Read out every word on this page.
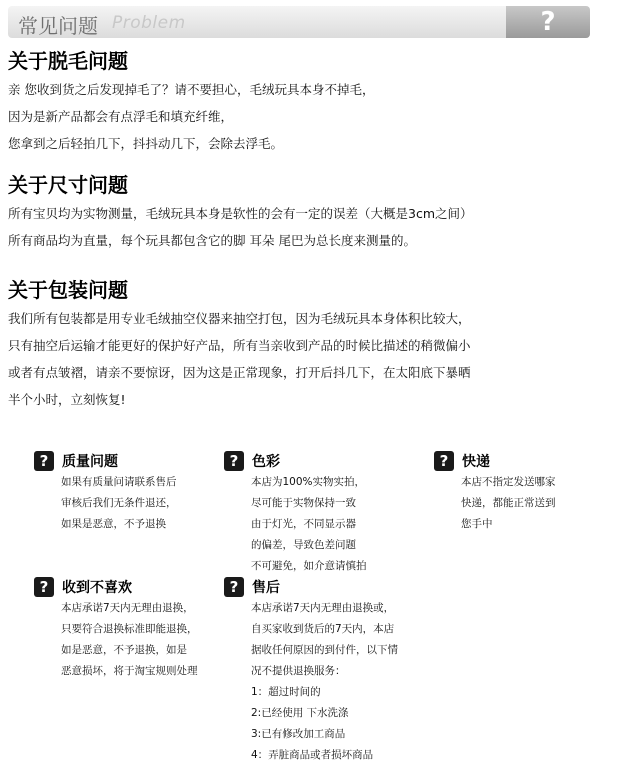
常见问题 Problem	?
关于脱毛问题
亲 您收到货之后发现掉毛了？请不要担心，毛绒玩具本身不掉毛，
因为是新产品都会有点浮毛和填充纤维，
您拿到之后轻拍几下，抖抖动几下，会除去浮毛。
关于尺寸问题
所有宝贝均为实物测量，毛绒玩具本身是软性的会有一定的误差（大概是3cm之间）
所有商品均为直量，每个玩具都包含它的脚 耳朵 尾巴为总长度来测量的。
关于包装问题
我们所有包装都是用专业毛绒抽空仪器来抽空打包，因为毛绒玩具本身体积比较大，
只有抽空后运输才能更好的保护好产品，所有当亲收到产品的时候比描述的稍微偏小
或者有点皱褶，请亲不要惊讶，因为这是正常现象，打开后抖几下，在太阳底下暴晒
半个小时，立刻恢复!
? 质量问题
如果有质量问请联系售后
审核后我们无条件退还，
如果是恶意，不予退换
? 色彩
本店为100%实物实拍，
尽可能于实物保持一致
由于灯光，不同显示器
的偏差，导致色差问题
不可避免，如介意请慎拍
? 快递
本店不指定发送哪家
快递，都能正常送到
您手中
? 收到不喜欢
本店承诺7天内无理由退换，
只要符合退换标准即能退换，
如是恶意，不予退换，如是
恶意损坏，将于淘宝规则处理
? 售后
本店承诺7天内无理由退换或，
自买家收到货后的7天内，本店
据收任何原因的到付件，以下情
况不提供退换服务：
1：超过时间的
2:已经使用 下水洗涤
3:已有修改加工商品
4：弄脏商品或者损坏商品
